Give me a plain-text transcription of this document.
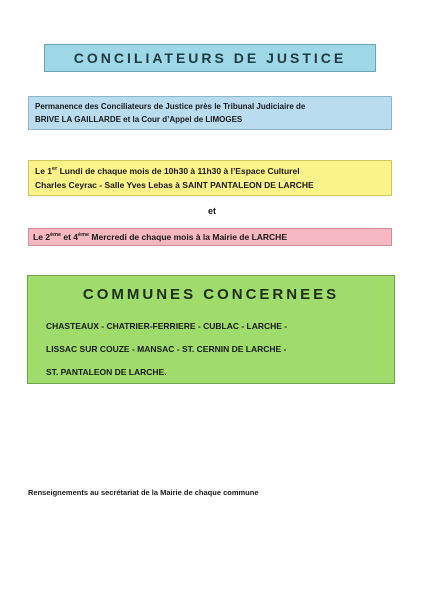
CONCILIATEURS DE JUSTICE
Permanence des Conciliateurs de Justice près le Tribunal Judiciaire de
BRIVE LA GAILLARDE et la Cour d’Appel de LIMOGES
Le 1er Lundi de chaque mois de 10h30 à 11h30 à l’Espace Culturel
Charles Ceyrac - Salle Yves Lebas à SAINT PANTALEON DE LARCHE
et
Le 2ème et 4ème Mercredi de chaque mois à la Mairie de LARCHE
COMMUNES CONCERNEES
CHASTEAUX - CHATRIER-FERRIERE - CUBLAC - LARCHE -
LISSAC SUR COUZE - MANSAC - ST. CERNIN DE LARCHE -
ST. PANTALEON DE LARCHE.
Renseignements au secrétariat de la Mairie de chaque commune
